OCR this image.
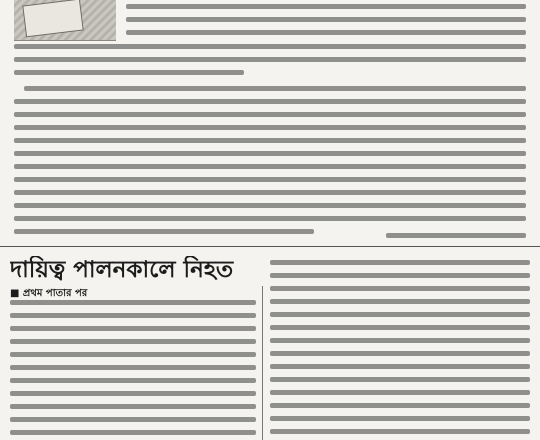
দায়িত্ব পালনকালে নিহত
■ প্রথম পাতার পর
